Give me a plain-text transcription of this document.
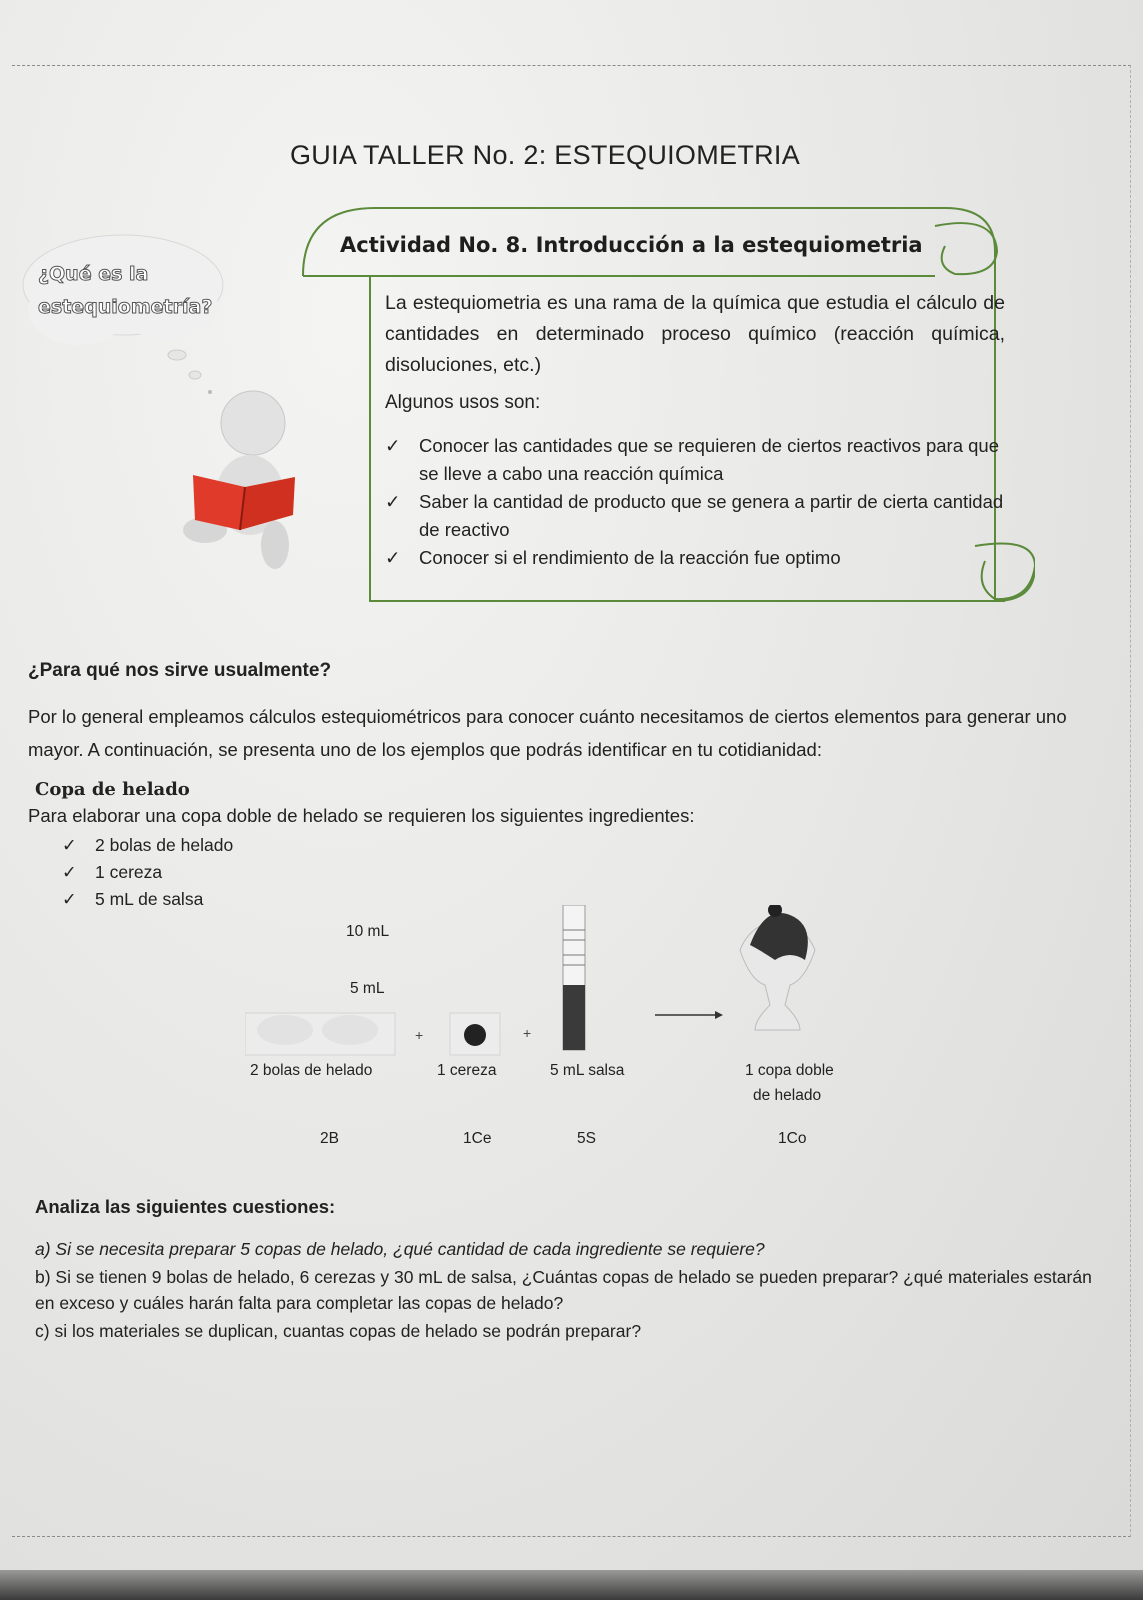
GUIA TALLER No. 2: ESTEQUIOMETRIA
¿Qué es la
estequiometría?
Actividad No. 8. Introducción a la estequiometria
La estequiometria es una rama de la química que estudia el cálculo de cantidades en determinado proceso químico (reacción química, disoluciones, etc.)
Algunos usos son:
✓ Conocer las cantidades que se requieren de ciertos reactivos para que se lleve a cabo una reacción química
✓ Saber la cantidad de producto que se genera a partir de cierta cantidad de reactivo
✓ Conocer si el rendimiento de la reacción fue optimo
¿Para qué nos sirve usualmente?
Por lo general empleamos cálculos estequiométricos para conocer cuánto necesitamos de ciertos elementos para generar uno mayor. A continuación, se presenta uno de los ejemplos que podrás identificar en tu cotidianidad:
Copa de helado
Para elaborar una copa doble de helado se requieren los siguientes ingredientes:
✓ 2 bolas de helado
✓ 1 cereza
✓ 5 mL de salsa
+	+
10 mL
5 mL
2 bolas de helado	1 cereza	5 mL salsa	1 copa doble
de helado
2B	1Ce	5S	1Co
Analiza las siguientes cuestiones:

a) Si se necesita preparar 5 copas de helado, ¿qué cantidad de cada ingrediente se requiere?

b) Si se tienen 9 bolas de helado, 6 cerezas y 30 mL de salsa, ¿Cuántas copas de helado se pueden preparar? ¿qué materiales estarán en exceso y cuáles harán falta para completar las copas de helado?

c) si los materiales se duplican, cuantas copas de helado se podrán preparar?
